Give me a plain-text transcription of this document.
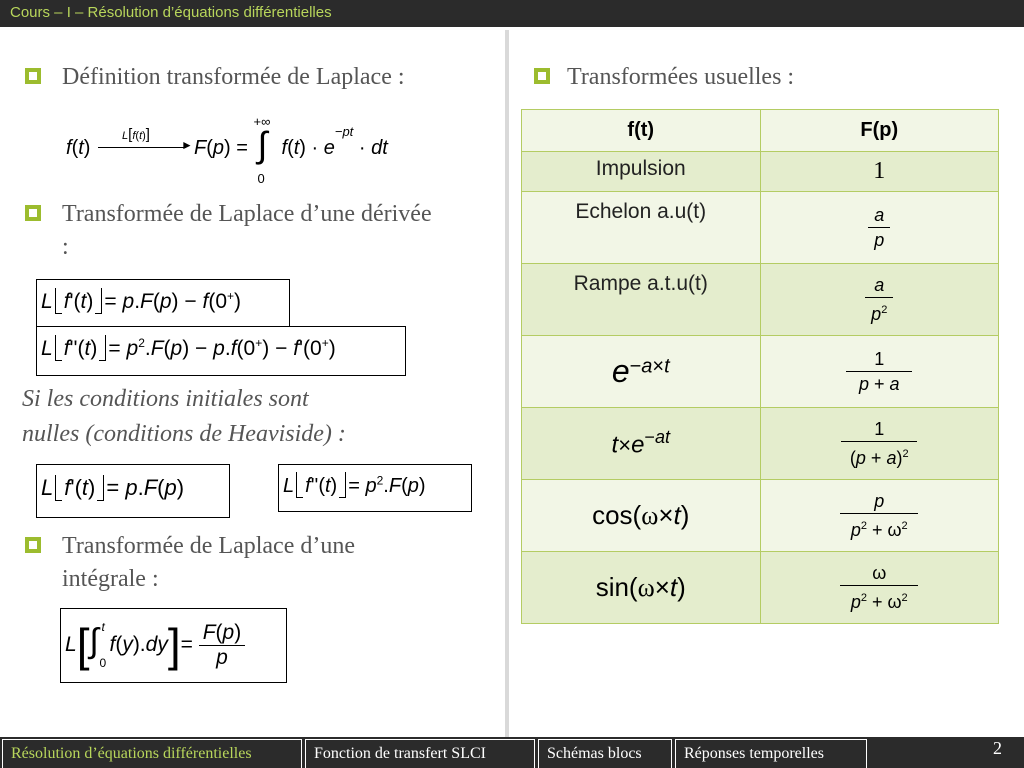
Cours – I – Résolution d’équations différentielles
Définition transformée de Laplace :
f(t)
L[f(t)]
► F(p) =
+∞
∫
0
$f(t) \cdot e^{-pt}$ · dt
Transformée de Laplace d’une dérivée
:
L f'(t) = p.F(p) − f(0+)
L $f''(t) = p^2.F(p) - p.f(0^+) - f'(0^+)$
Si les conditions initiales sont
nulles (conditions de Heaviside) :
L f'(t) = p.F(p)	L $f''(t) = p^2.F(p)$
Transformée de Laplace d’une
intégrale :
L[ ∫ t
0
$f(y).dy]= \frac{F(p)}{p}$
Transformées usuelles :
f(t)	F(p)
Impulsion	1
Echelon a.u(t)	$\frac{a}{p}$

Rampe a.t.u(t)	$\frac{a}{p^2}$

$e^{-a\times t}$	$\frac{1}{p + a}$

$t\times e^{-at}$	$\frac{1}{(p + a)^2}$

cos(ω×t)	$\frac{p}{p^2 + \omega^2}$

sin(ω×t)	$\frac{\omega}{p^2 + \omega^2}$
Résolution d’équations différentielles	Fonction de transfert SLCI	Schémas blocs	Réponses temporelles	2
